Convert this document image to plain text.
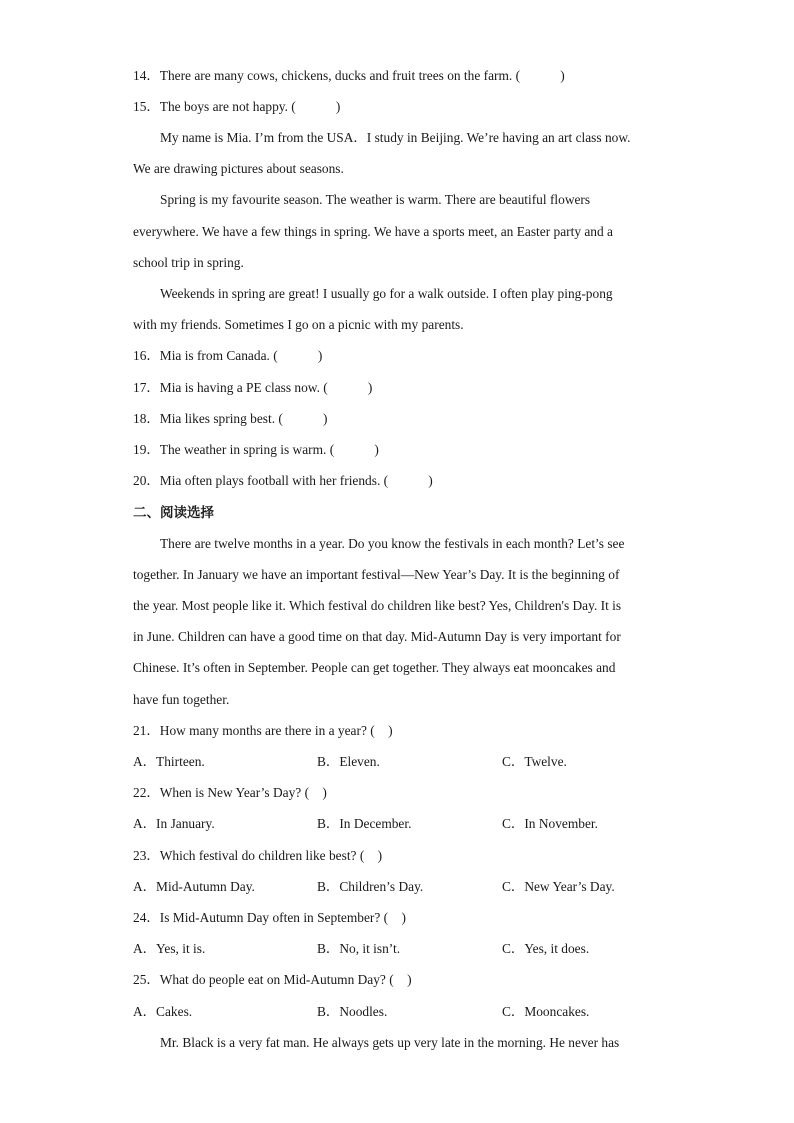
14．There are many cows, chickens, ducks and fruit trees on the farm. (　　　)
15．The boys are not happy. (　　　)
My name is Mia. I’m from the USA．I study in Beijing. We’re having an art class now.
We are drawing pictures about seasons.
Spring is my favourite season. The weather is warm. There are beautiful flowers
everywhere. We have a few things in spring. We have a sports meet, an Easter party and a
school trip in spring.
Weekends in spring are great! I usually go for a walk outside. I often play ping-pong
with my friends. Sometimes I go on a picnic with my parents.
16．Mia is from Canada. (　　　)
17．Mia is having a PE class now. (　　　)
18．Mia likes spring best. (　　　)
19．The weather in spring is warm. (　　　)
20．Mia often plays football with her friends. (　　　)
二、阅读选择
There are twelve months in a year. Do you know the festivals in each month? Let’s see
together. In January we have an important festival—New Year’s Day. It is the beginning of
the year. Most people like it. Which festival do children like best? Yes, Children's Day. It is
in June. Children can have a good time on that day. Mid-Autumn Day is very important for
Chinese. It’s often in September. People can get together. They always eat mooncakes and
have fun together.
21．How many months are there in a year? (　)
A．Thirteen.	B．Eleven.	C．Twelve.
22．When is New Year’s Day? (　)
A．In January.	B．In December.	C．In November.
23．Which festival do children like best? (　)
A．Mid-Autumn Day.	B．Children’s Day.	C．New Year’s Day.
24．Is Mid-Autumn Day often in September? (　)
A．Yes, it is.	B．No, it isn’t.	C．Yes, it does.
25．What do people eat on Mid-Autumn Day? (　)
A．Cakes.	B．Noodles.	C．Mooncakes.
Mr. Black is a very fat man. He always gets up very late in the morning. He never has
